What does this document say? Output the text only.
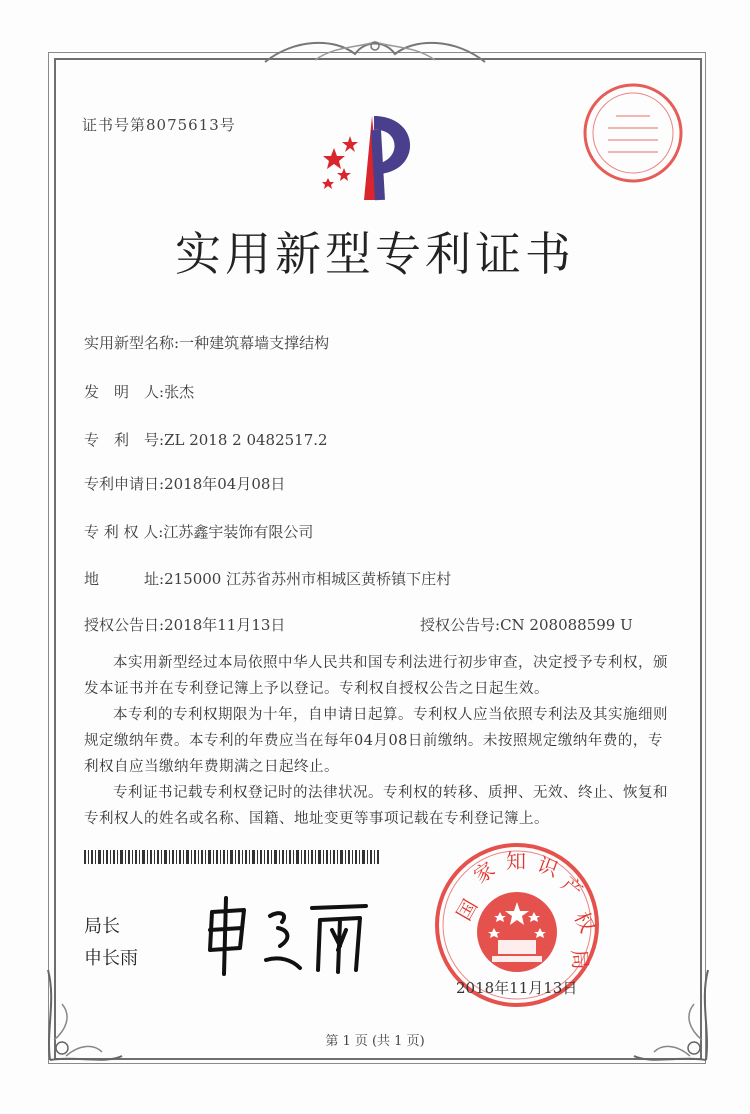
证书号第8075613号
实用新型专利证书
实用新型名称:一种建筑幕墙支撑结构
发　明　人:张杰
专　利　号:ZL 2018 2 0482517.2
专利申请日:2018年04月08日
专 利 权 人:江苏鑫宇装饰有限公司
地　　　址:215000 江苏省苏州市相城区黄桥镇下庄村
授权公告日:2018年11月13日	授权公告号:CN 208088599 U

本实用新型经过本局依照中华人民共和国专利法进行初步审查，决定授予专利权，颁发本证书并在专利登记簿上予以登记。专利权自授权公告之日起生效。

本专利的专利权期限为十年，自申请日起算。专利权人应当依照专利法及其实施细则规定缴纳年费。本专利的年费应当在每年04月08日前缴纳。未按照规定缴纳年费的，专利权自应当缴纳年费期满之日起终止。

专利证书记载专利权登记时的法律状况。专利权的转移、质押、无效、终止、恢复和专利权人的姓名或名称、国籍、地址变更等事项记载在专利登记簿上。

局长
申长雨
国
家 知 识
产
权
局
2018年11月13日
第 1 页 (共 1 页)
